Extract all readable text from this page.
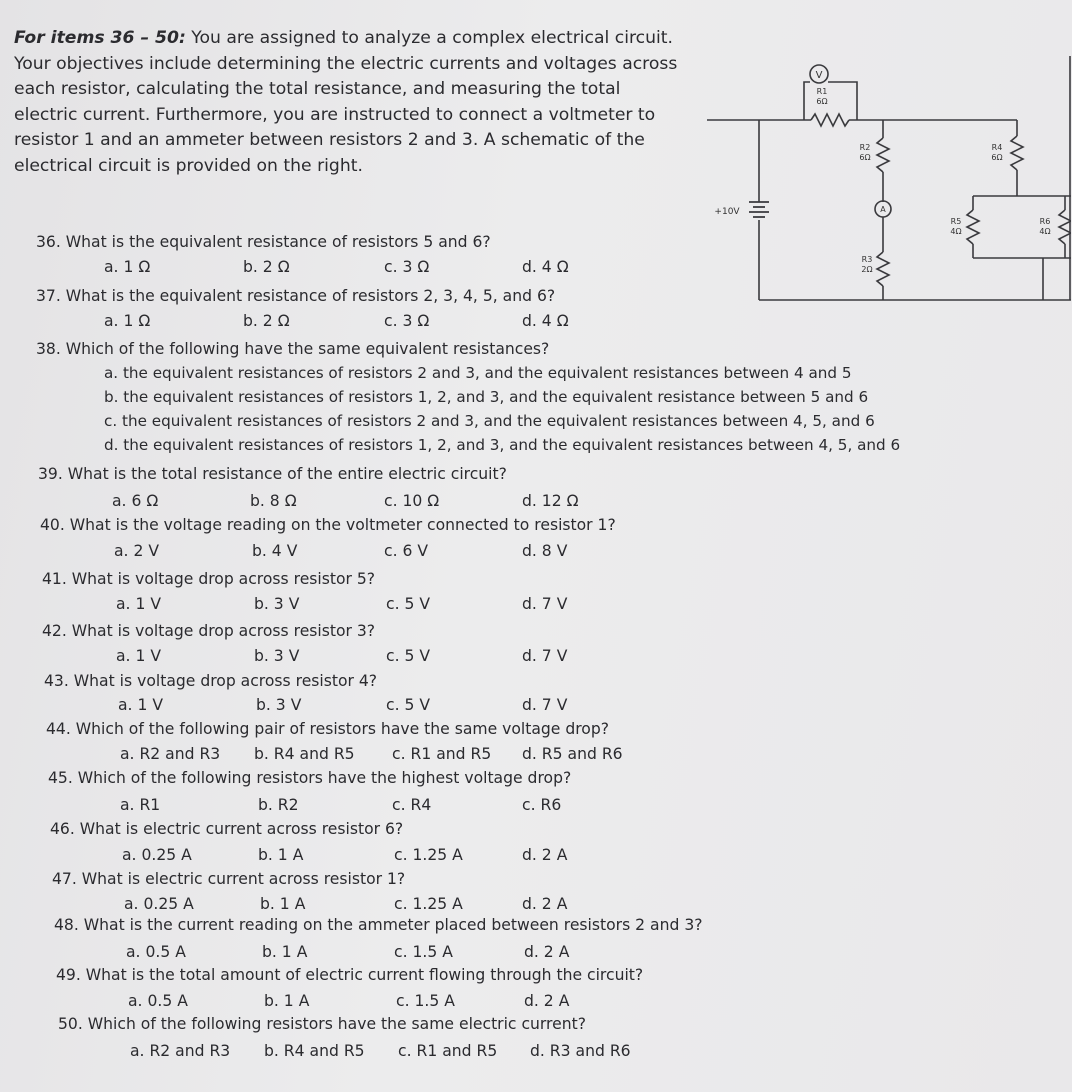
For items 36 – 50: You are assigned to analyze a complex electrical circuit.
Your objectives include determining the electric currents and voltages across
each resistor, calculating the total resistance, and measuring the total
electric current. Furthermore, you are instructed to connect a voltmeter to
resistor 1 and an ammeter between resistors 2 and 3. A schematic of the
electrical circuit is provided on the right.
V
R1
6Ω
R2
6Ω
A
R3
2Ω
+10V
R4
6Ω
R5
4Ω
R6
4Ω
36. What is the equivalent resistance of resistors 5 and 6?
a. 1 Ω	b. 2 Ω	c. 3 Ω	d. 4 Ω
37. What is the equivalent resistance of resistors 2, 3, 4, 5, and 6?
a. 1 Ω	b. 2 Ω	c. 3 Ω	d. 4 Ω
38. Which of the following have the same equivalent resistances?
a. the equivalent resistances of resistors 2 and 3, and the equivalent resistances between 4 and 5
b. the equivalent resistances of resistors 1, 2, and 3, and the equivalent resistance between 5 and 6
c. the equivalent resistances of resistors 2 and 3, and the equivalent resistances between 4, 5, and 6
d. the equivalent resistances of resistors 1, 2, and 3, and the equivalent resistances between 4, 5, and 6
39. What is the total resistance of the entire electric circuit?
a. 6 Ω	b. 8 Ω	c. 10 Ω	d. 12 Ω
40. What is the voltage reading on the voltmeter connected to resistor 1?
a. 2 V	b. 4 V	c. 6 V	d. 8 V
41. What is voltage drop across resistor 5?
a. 1 V	b. 3 V	c. 5 V	d. 7 V
42. What is voltage drop across resistor 3?
a. 1 V	b. 3 V	c. 5 V	d. 7 V
43. What is voltage drop across resistor 4?
a. 1 V	b. 3 V	c. 5 V	d. 7 V
44. Which of the following pair of resistors have the same voltage drop?
a. R2 and R3 b. R4 and R5 c. R1 and R5 d. R5 and R6
45. Which of the following resistors have the highest voltage drop?
a. R1	b. R2	c. R4	c. R6
46. What is electric current across resistor 6?
a. 0.25 A	b. 1 A	c. 1.25 A	d. 2 A
47. What is electric current across resistor 1?
a. 0.25 A	b. 1 A	c. 1.25 A	d. 2 A
48. What is the current reading on the ammeter placed between resistors 2 and 3?
a. 0.5 A	b. 1 A	c. 1.5 A	d. 2 A
49. What is the total amount of electric current flowing through the circuit?
a. 0.5 A	b. 1 A	c. 1.5 A	d. 2 A
50. Which of the following resistors have the same electric current?
a. R2 and R3 b. R4 and R5 c. R1 and R5 d. R3 and R6
